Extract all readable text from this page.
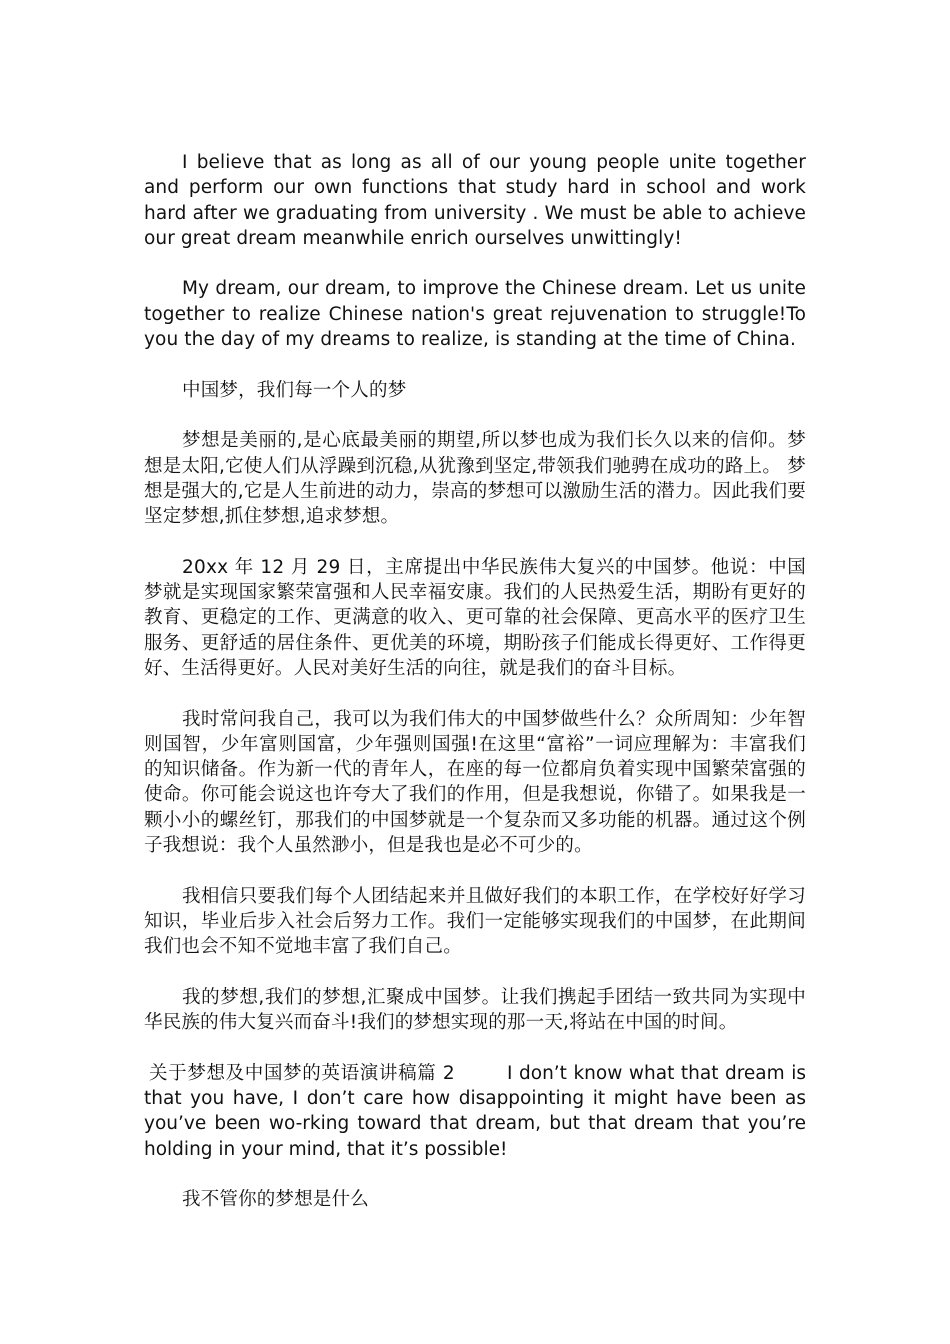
I believe that as long as all of our young people unite together and perform our own functions that study hard in school and work hard after we graduating from university . We must be able to achieve our great dream meanwhile enrich ourselves unwittingly!

My dream, our dream, to improve the Chinese dream. Let us unite together to realize Chinese nation's great rejuvenation to struggle!To you the day of my dreams to realize, is standing at the time of China.

中国梦，我们每一个人的梦

梦想是美丽的,是心底最美丽的期望,所以梦也成为我们长久以来的信仰。梦想是太阳,它使人们从浮躁到沉稳,从犹豫到坚定,带领我们驰骋在成功的路上。 梦想是强大的,它是人生前进的动力，崇高的梦想可以激励生活的潜力。因此我们要坚定梦想,抓住梦想,追求梦想。

20xx 年 12 月 29 日，主席提出中华民族伟大复兴的中国梦。他说：中国梦就是实现国家繁荣富强和人民幸福安康。我们的人民热爱生活，期盼有更好的教育、更稳定的工作、更满意的收入、更可靠的社会保障、更高水平的医疗卫生服务、更舒适的居住条件、更优美的环境，期盼孩子们能成长得更好、工作得更好、生活得更好。人民对美好生活的向往，就是我们的奋斗目标。

我时常问我自己，我可以为我们伟大的中国梦做些什么？众所周知：少年智则国智，少年富则国富，少年强则国强!在这里“富裕”一词应理解为：丰富我们的知识储备。作为新一代的青年人，在座的每一位都肩负着实现中国繁荣富强的使命。你可能会说这也许夸大了我们的作用，但是我想说，你错了。如果我是一颗小小的螺丝钉，那我们的中国梦就是一个复杂而又多功能的机器。通过这个例子我想说：我个人虽然渺小，但是我也是必不可少的。

我相信只要我们每个人团结起来并且做好我们的本职工作，在学校好好学习知识，毕业后步入社会后努力工作。我们一定能够实现我们的中国梦，在此期间我们也会不知不觉地丰富了我们自己。

我的梦想,我们的梦想,汇聚成中国梦。让我们携起手团结一致共同为实现中华民族的伟大复兴而奋斗!我们的梦想实现的那一天,将站在中国的时间。

关于梦想及中国梦的英语演讲稿篇 2        I don’t know what that dream is that you have, I don’t care how disappointing it might have been as you’ve been wo-rking toward that dream, but that dream that you’re holding in your mind, that it’s possible!

我不管你的梦想是什么
